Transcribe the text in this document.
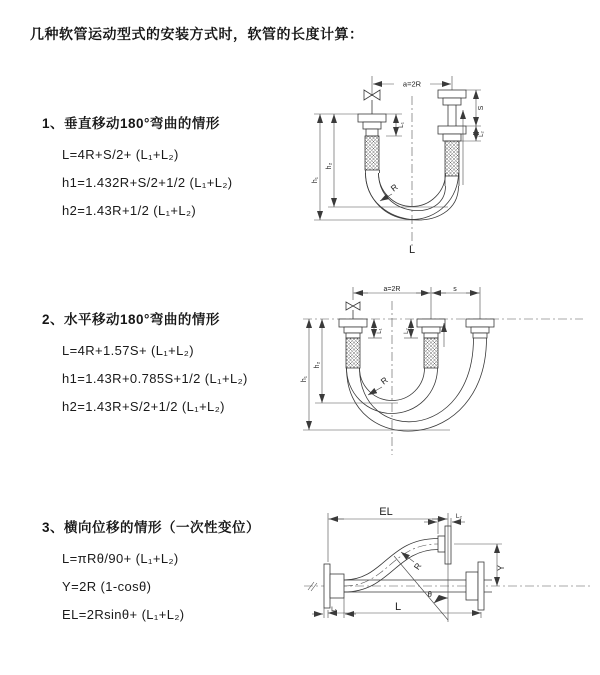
几种软管运动型式的安装方式时，软管的长度计算：
1、垂直移动180°弯曲的情形
L=4R+S/2+ (L₁+L₂)
h1=1.432R+S/2+1/2 (L₁+L₂)
h2=1.43R+1/2 (L₁+L₂)
2、水平移动180°弯曲的情形
L=4R+1.57S+ (L₁+L₂)
h1=1.43R+0.785S+1/2 (L₁+L₂)
h2=1.43R+S/2+1/2 (L₁+L₂)
3、横向位移的情形（一次性变位）
L=πRθ/90+ (L₁+L₂)
Y=2R (1-cosθ)
EL=2Rsinθ+ (L₁+L₂)
a=2R
h₂
h₁
L₁
S
L₂
R
L
a=2R	s
h₂
h₁
L₁	L₂
R
EL	L₂
Y
L
L₁
θ
R
